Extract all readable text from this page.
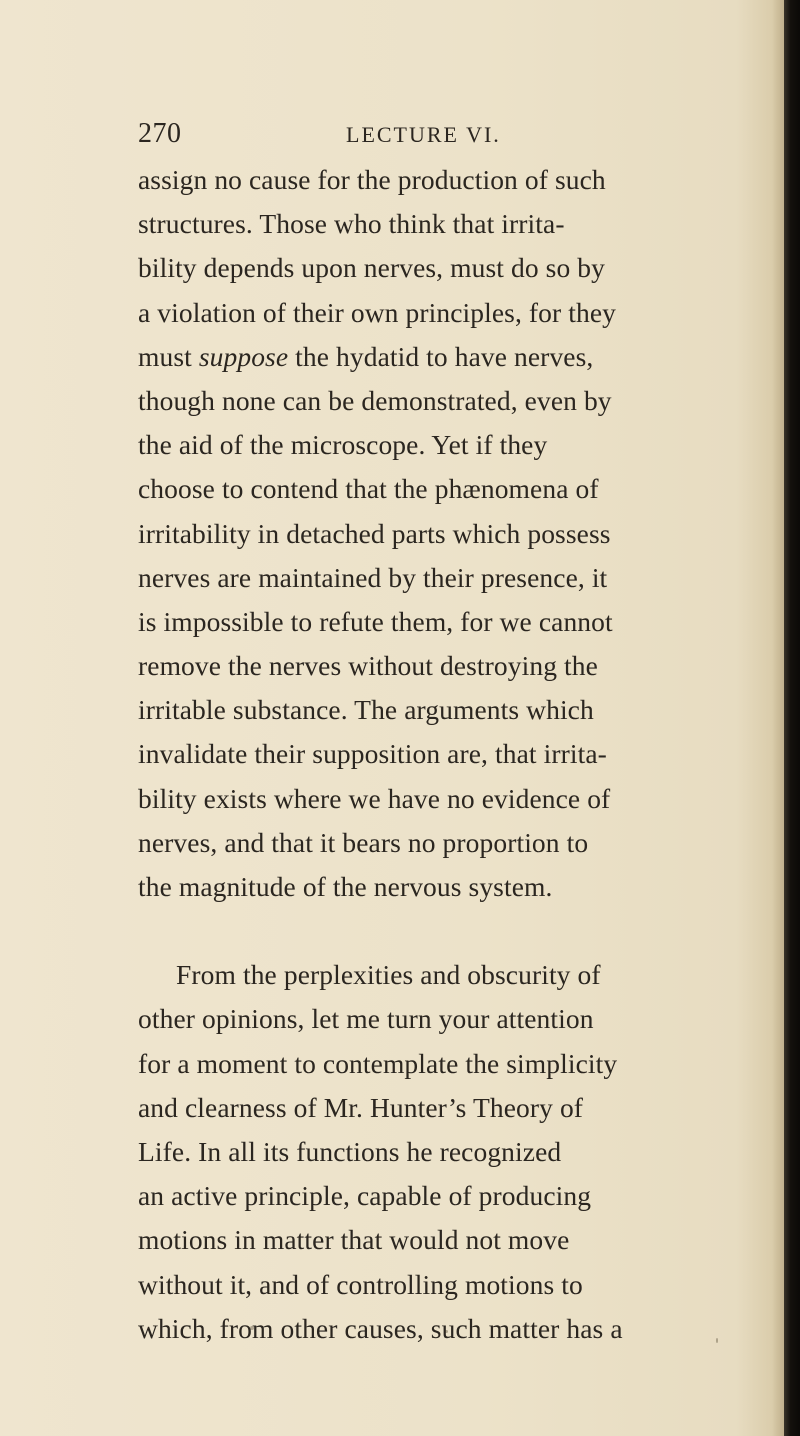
270	LECTURE VI.
assign no cause for the production of such
structures. Those who think that irrita-
bility depends upon nerves, must do so by
a violation of their own principles, for they
must suppose the hydatid to have nerves,
though none can be demonstrated, even by
the aid of the microscope. Yet if they
choose to contend that the phænomena of
irritability in detached parts which possess
nerves are maintained by their presence, it
is impossible to refute them, for we cannot
remove the nerves without destroying the
irritable substance. The arguments which
invalidate their supposition are, that irrita-
bility exists where we have no evidence of
nerves, and that it bears no proportion to
the magnitude of the nervous system.
From the perplexities and obscurity of
other opinions, let me turn your attention
for a moment to contemplate the simplicity
and clearness of Mr. Hunter’s Theory of
Life. In all its functions he recognized
an active principle, capable of producing
motions in matter that would not move
without it, and of controlling motions to
which, from other causes, such matter has a
